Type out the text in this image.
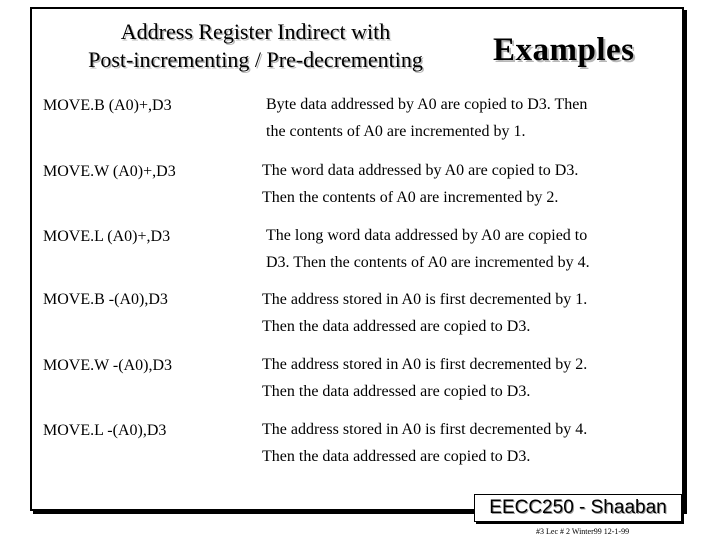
Address Register Indirect with
Post-incrementing / Pre-decrementing	Examples
MOVE.B (A0)+,D3	Byte data addressed by A0 are copied to D3. Then
the contents of A0 are incremented by 1.
MOVE.W (A0)+,D3	The word data addressed by A0 are copied to D3.
Then the contents of A0 are incremented by 2.
MOVE.L (A0)+,D3	The long word data addressed by A0 are copied to
D3. Then the contents of A0 are incremented by 4.
MOVE.B -(A0),D3	The address stored in A0 is first decremented by 1.
Then the data addressed are copied to D3.
MOVE.W -(A0),D3	The address stored in A0 is first decremented by 2.
Then the data addressed are copied to D3.
MOVE.L -(A0),D3	The address stored in A0 is first decremented by 4.
Then the data addressed are copied to D3.
EECC250 - Shaaban
#3 Lec # 2 Winter99 12-1-99
